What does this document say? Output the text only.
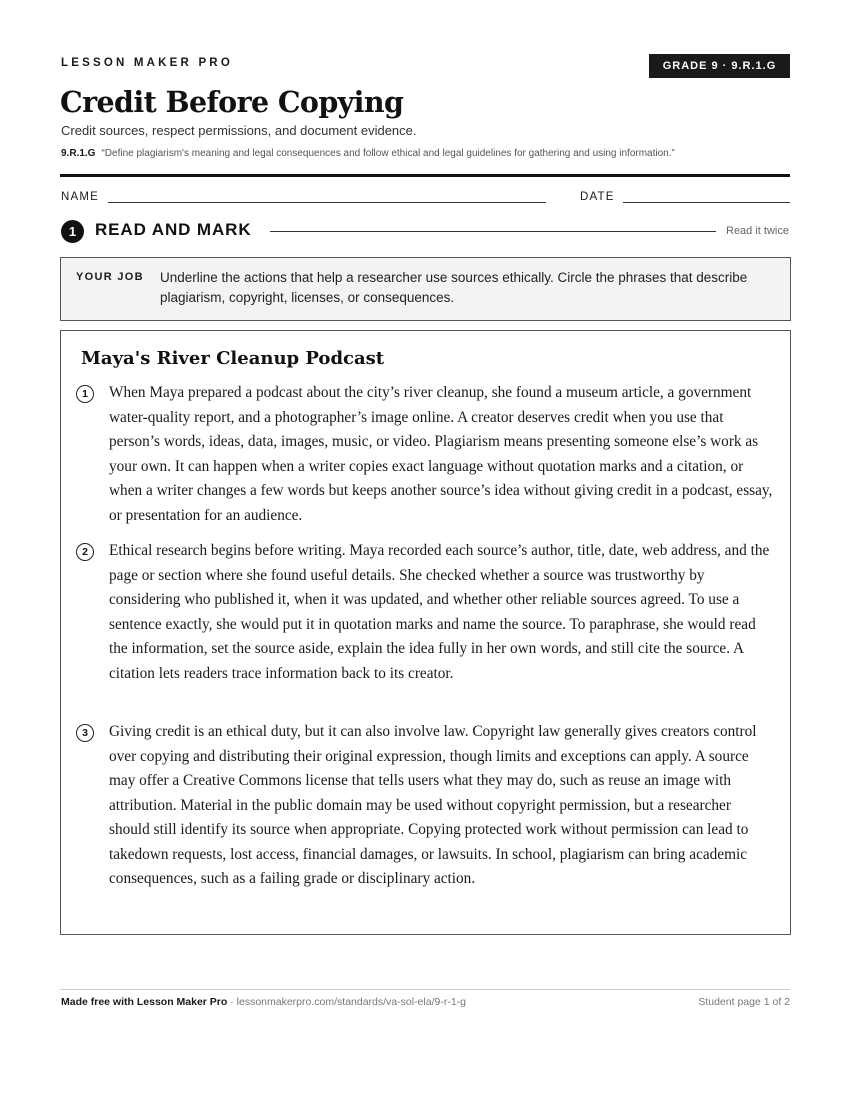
LESSON MAKER PRO	GRADE 9 · 9.R.1.G
Credit Before Copying
Credit sources, respect permissions, and document evidence.
9.R.1.G “Define plagiarism's meaning and legal consequences and follow ethical and legal guidelines for gathering and using information.”
NAME	DATE
1	READ AND MARK	Read it twice
YOUR JOB Underline the actions that help a researcher use sources ethically. Circle the phrases that describe plagiarism, copyright, licenses, or consequences.
Maya's River Cleanup Podcast
1	When Maya prepared a podcast about the city’s river cleanup, she found a museum article, a government water-quality report, and a photographer’s image online. A creator deserves credit when you use that person’s words, ideas, data, images, music, or video. Plagiarism means presenting someone else’s work as your own. It can happen when a writer copies exact language without quotation marks and a citation, or when a writer changes a few words but keeps another source’s idea without giving credit in a podcast, essay, or presentation for an audience.

2	Ethical research begins before writing. Maya recorded each source’s author, title, date, web address, and the page or section where she found useful details. She checked whether a source was trustworthy by considering who published it, when it was updated, and whether other reliable sources agreed. To use a sentence exactly, she would put it in quotation marks and name the source. To paraphrase, she would read the information, set the source aside, explain the idea fully in her own words, and still cite the source. A citation lets readers trace information back to its creator.

3	Giving credit is an ethical duty, but it can also involve law. Copyright law generally gives creators control over copying and distributing their original expression, though limits and exceptions can apply. A source may offer a Creative Commons license that tells users what they may do, such as reuse an image with attribution. Material in the public domain may be used without copyright permission, but a researcher should still identify its source when appropriate. Copying protected work without permission can lead to takedown requests, lost access, financial damages, or lawsuits. In school, plagiarism can bring academic consequences, such as a failing grade or disciplinary action.

Made free with Lesson Maker Pro · lessonmakerpro.com/standards/va-sol-ela/9-r-1-g	Student page 1 of 2
